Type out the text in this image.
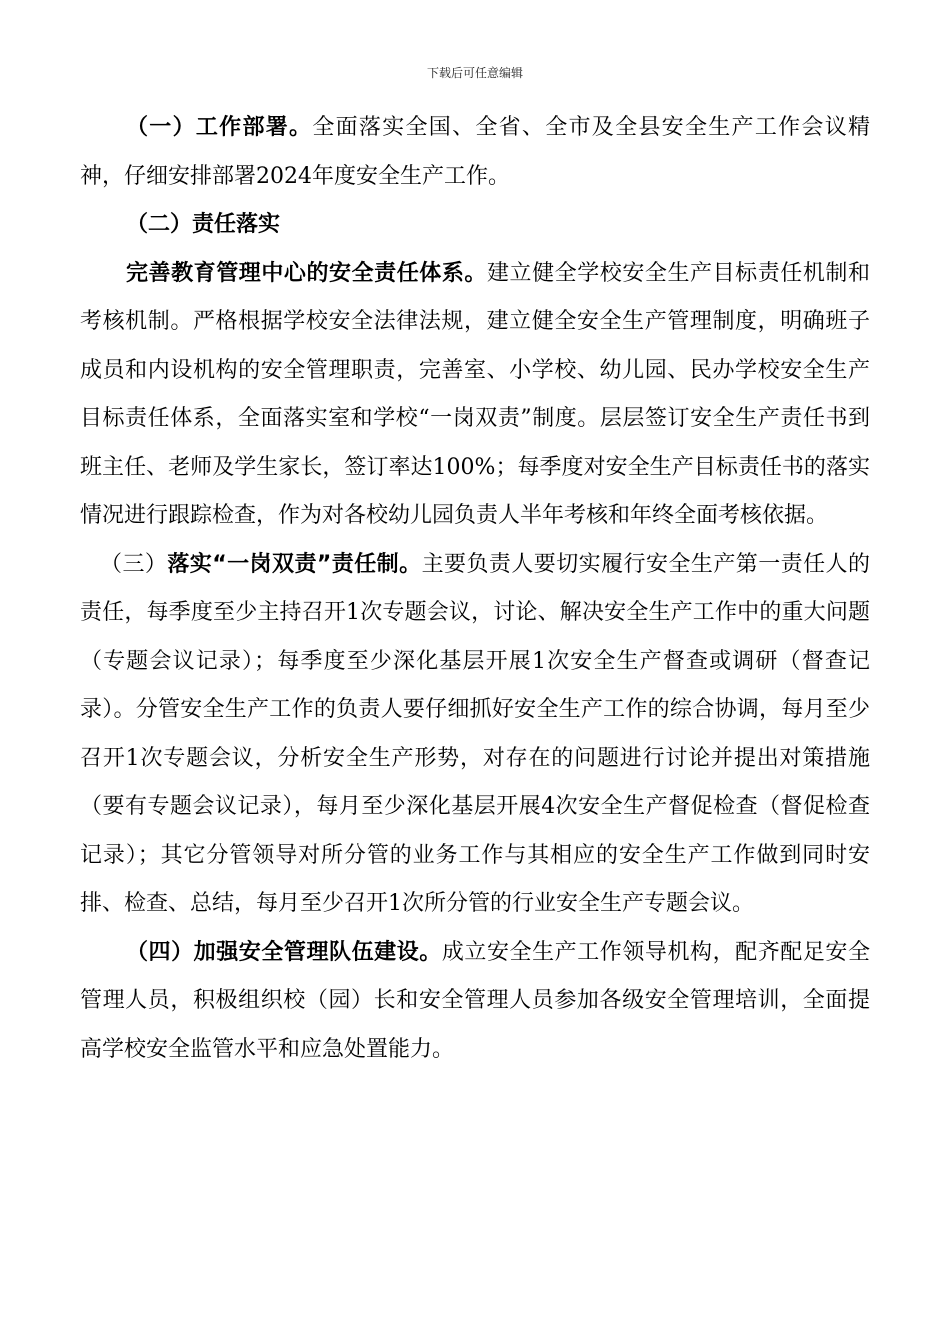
下载后可任意编辑

（一）工作部署。全面落实全国、全省、全市及全县安全生产工作会议精神，仔细安排部署2024年度安全生产工作。

（二）责任落实

完善教育管理中心的安全责任体系。建立健全学校安全生产目标责任机制和考核机制。严格根据学校安全法律法规，建立健全安全生产管理制度，明确班子成员和内设机构的安全管理职责，完善室、小学校、幼儿园、民办学校安全生产目标责任体系，全面落实室和学校“一岗双责”制度。层层签订安全生产责任书到班主任、老师及学生家长，签订率达100%；每季度对安全生产目标责任书的落实情况进行跟踪检查，作为对各校幼儿园负责人半年考核和年终全面考核依据。

（三）落实“一岗双责”责任制。主要负责人要切实履行安全生产第一责任人的责任，每季度至少主持召开1次专题会议，讨论、解决安全生产工作中的重大问题（专题会议记录）；每季度至少深化基层开展1次安全生产督查或调研（督查记录）。分管安全生产工作的负责人要仔细抓好安全生产工作的综合协调，每月至少召开1次专题会议，分析安全生产形势，对存在的问题进行讨论并提出对策措施（要有专题会议记录），每月至少深化基层开展4次安全生产督促检查（督促检查记录）；其它分管领导对所分管的业务工作与其相应的安全生产工作做到同时安排、检查、总结，每月至少召开1次所分管的行业安全生产专题会议。

（四）加强安全管理队伍建设。成立安全生产工作领导机构，配齐配足安全管理人员，积极组织校（园）长和安全管理人员参加各级安全管理培训，全面提高学校安全监管水平和应急处置能力。
